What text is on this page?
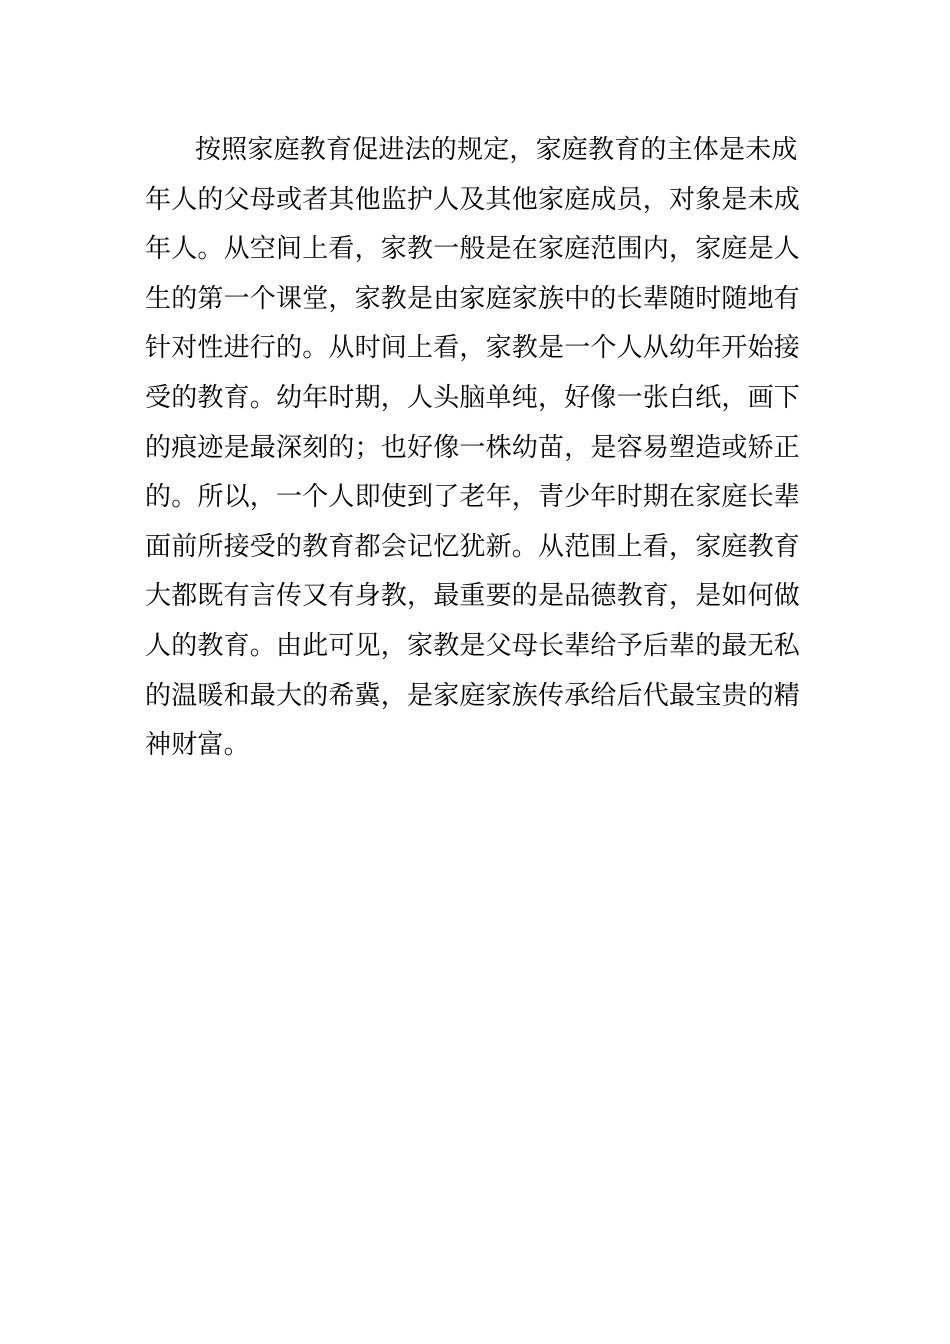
按照家庭教育促进法的规定，家庭教育的主体是未成
年人的父母或者其他监护人及其他家庭成员，对象是未成
年人。从空间上看，家教一般是在家庭范围内，家庭是人
生的第一个课堂，家教是由家庭家族中的长辈随时随地有
针对性进行的。从时间上看，家教是一个人从幼年开始接
受的教育。幼年时期，人头脑单纯，好像一张白纸，画下
的痕迹是最深刻的；也好像一株幼苗，是容易塑造或矫正
的。所以，一个人即使到了老年，青少年时期在家庭长辈
面前所接受的教育都会记忆犹新。从范围上看，家庭教育
大都既有言传又有身教，最重要的是品德教育，是如何做
人的教育。由此可见，家教是父母长辈给予后辈的最无私
的温暖和最大的希冀，是家庭家族传承给后代最宝贵的精
神财富。
